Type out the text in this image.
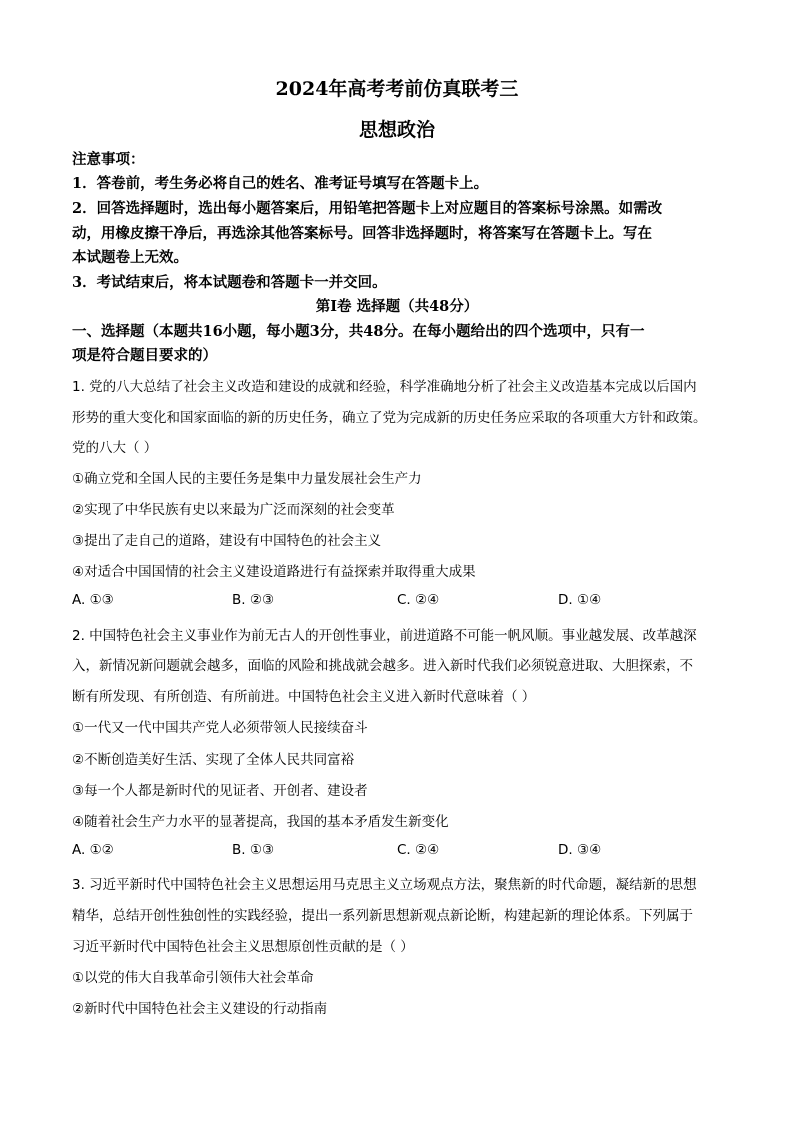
2024年高考考前仿真联考三
思想政治
注意事项：
1．答卷前，考生务必将自己的姓名、准考证号填写在答题卡上。
2．回答选择题时，选出每小题答案后，用铅笔把答题卡上对应题目的答案标号涂黑。如需改
动，用橡皮擦干净后，再选涂其他答案标号。回答非选择题时，将答案写在答题卡上。写在
本试题卷上无效。
3．考试结束后，将本试题卷和答题卡一并交回。
第Ⅰ卷 选择题（共48分）
一、选择题（本题共16小题，每小题3分，共48分。在每小题给出的四个选项中，只有一
项是符合题目要求的）
1. 党的八大总结了社会主义改造和建设的成就和经验，科学准确地分析了社会主义改造基本完成以后国内
形势的重大变化和国家面临的新的历史任务，确立了党为完成新的历史任务应采取的各项重大方针和政策。
党的八大（ ）
①确立党和全国人民的主要任务是集中力量发展社会生产力
②实现了中华民族有史以来最为广泛而深刻的社会变革
③提出了走自己的道路，建设有中国特色的社会主义
④对适合中国国情的社会主义建设道路进行有益探索并取得重大成果
A. ①③	B. ②③	C. ②④	D. ①④
2. 中国特色社会主义事业作为前无古人的开创性事业，前进道路不可能一帆风顺。事业越发展、改革越深
入，新情况新问题就会越多，面临的风险和挑战就会越多。进入新时代我们必须锐意进取、大胆探索，不
断有所发现、有所创造、有所前进。中国特色社会主义进入新时代意味着（ ）
①一代又一代中国共产党人必须带领人民接续奋斗
②不断创造美好生活、实现了全体人民共同富裕
③每一个人都是新时代的见证者、开创者、建设者
④随着社会生产力水平的显著提高，我国的基本矛盾发生新变化
A. ①②	B. ①③	C. ②④	D. ③④
3. 习近平新时代中国特色社会主义思想运用马克思主义立场观点方法，聚焦新的时代命题，凝结新的思想
精华，总结开创性独创性的实践经验，提出一系列新思想新观点新论断，构建起新的理论体系。下列属于
习近平新时代中国特色社会主义思想原创性贡献的是（ ）
①以党的伟大自我革命引领伟大社会革命
②新时代中国特色社会主义建设的行动指南
